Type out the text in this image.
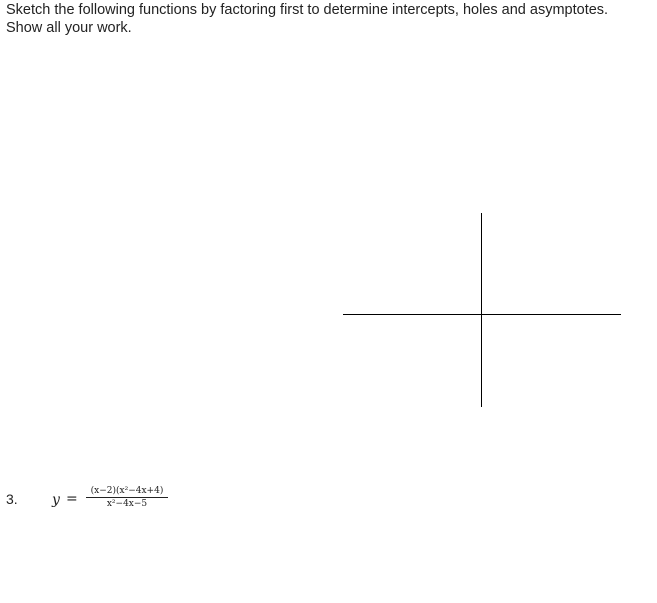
Sketch the following functions by factoring first to determine intercepts, holes and asymptotes.
Show all your work.
3. y =	(x−2)(x²−4x+4)
x²−4x−5
